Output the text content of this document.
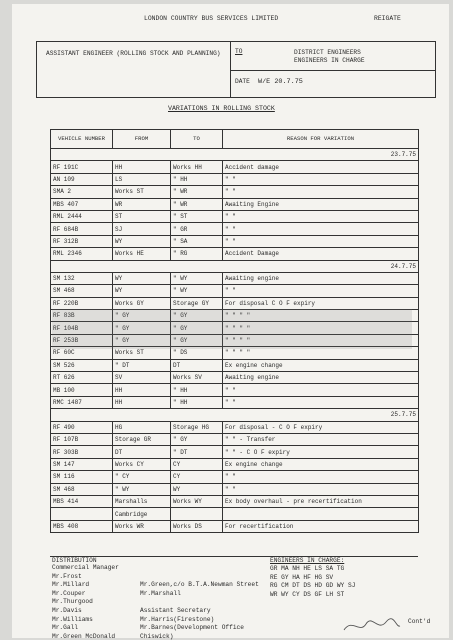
LONDON COUNTRY BUS SERVICES LIMITED	REIGATE
ASSISTANT ENGINEER (ROLLING STOCK AND PLANNING)	TO	DISTRICT ENGINEERS
ENGINEERS IN CHARGE
DATE W/E 20.7.75
VARIATIONS IN ROLLING STOCK
VEHICLE NUMBER	FROM	TO	REASON FOR VARIATION
23.7.75			
RF 191C	HH	Works HH	Accident damage
AN 109	LS	" HH	" "
SMA 2	Works ST	" WR	" "
MBS 407	WR	" WR	Awaiting Engine
RML 2444	ST	" ST	" "
RF 684B	SJ	" GR	" "
RF 312B	WY	" SA	" "
RML 2346	Works HE	" RG	Accident Damage
24.7.75			
SM 132	WY	" WY	Awaiting engine
SM 468	WY	" WY	" "
RF 220B	Works GY	Storage GY	For disposal C O F expiry
RF 83B	" GY	" GY	" " " "
RF 104B	" GY	" GY	" " " "
RF 253B	" GY	" GY	" " " "
RF 60C	Works ST	" DS	" " " "
SM 526	" DT	DT	Ex engine change
RT 626	SV	Works SV	Awaiting engine
MB 100	HH	" HH	" "
RMC 1487	HH	" HH	" "
25.7.75			
RF 490	HG	Storage HG	For disposal - C O F expiry
RF 107B	Storage GR	" GY	" " - Transfer
RF 303B	DT	" DT	" " - C O F expiry
SM 147	Works CY	CY	Ex engine change
SM 116	" CY	CY	" "
SM 468	" WY	WY	" "
MBS 414	Marshalls	Works WY	Ex body overhaul - pre recertification
	Cambridge		
MBS 408	Works WR	Works DS	For recertification
DISTRIBUTION	ENGINEERS IN CHARGE:
Commercial Manager
Mr.Frost
Mr.Millard
Mr.Couper
Mr.Thurgood
Mr.Davis
Mr.Williams
Mr.Gall
Mr.Green McDonald
Mr.Green,c/o B.T.A.Newman Street
Mr.Marshall
Assistant Secretary
Mr.Harris(Firestone)
Mr.Barnes(Development Office
Chiswick)
GR MA NH HE LS SA TG
RE GY HA HF HG SV
RG CM DT DS HD GD WY SJ
WR WY CY DS GF LH ST
Cont'd
